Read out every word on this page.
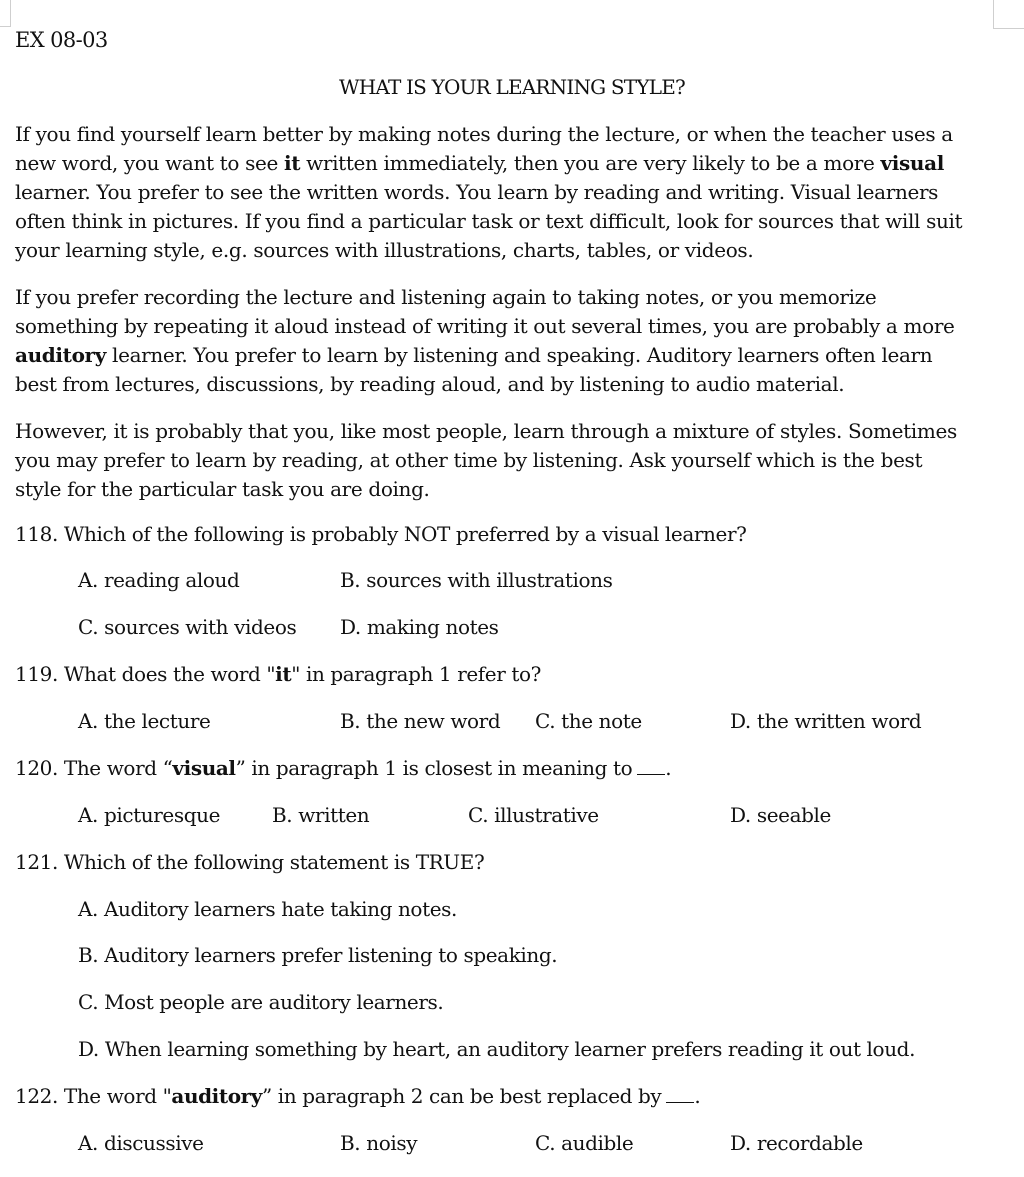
EX 08-03
WHAT IS YOUR LEARNING STYLE?
If you find yourself learn better by making notes during the lecture, or when the teacher uses a
new word, you want to see it written immediately, then you are very likely to be a more visual
learner. You prefer to see the written words. You learn by reading and writing. Visual learners
often think in pictures. If you find a particular task or text difficult, look for sources that will suit
your learning style, e.g. sources with illustrations, charts, tables, or videos.
If you prefer recording the lecture and listening again to taking notes, or you memorize
something by repeating it aloud instead of writing it out several times, you are probably a more
auditory learner. You prefer to learn by listening and speaking. Auditory learners often learn
best from lectures, discussions, by reading aloud, and by listening to audio material.
However, it is probably that you, like most people, learn through a mixture of styles. Sometimes
you may prefer to learn by reading, at other time by listening. Ask yourself which is the best
style for the particular task you are doing.
118. Which of the following is probably NOT preferred by a visual learner?
A. reading aloud	B. sources with illustrations
C. sources with videos D. making notes
119. What does the word "it" in paragraph 1 refer to?
A. the lecture	B. the new word C. the note	D. the written word
120. The word “visual” in paragraph 1 is closest in meaning to .
A. picturesque	B. written	C. illustrative	D. seeable
121. Which of the following statement is TRUE?
A. Auditory learners hate taking notes.
B. Auditory learners prefer listening to speaking.
C. Most people are auditory learners.
D. When learning something by heart, an auditory learner prefers reading it out loud.
122. The word "auditory” in paragraph 2 can be best replaced by .
A. discussive	B. noisy	C. audible	D. recordable
